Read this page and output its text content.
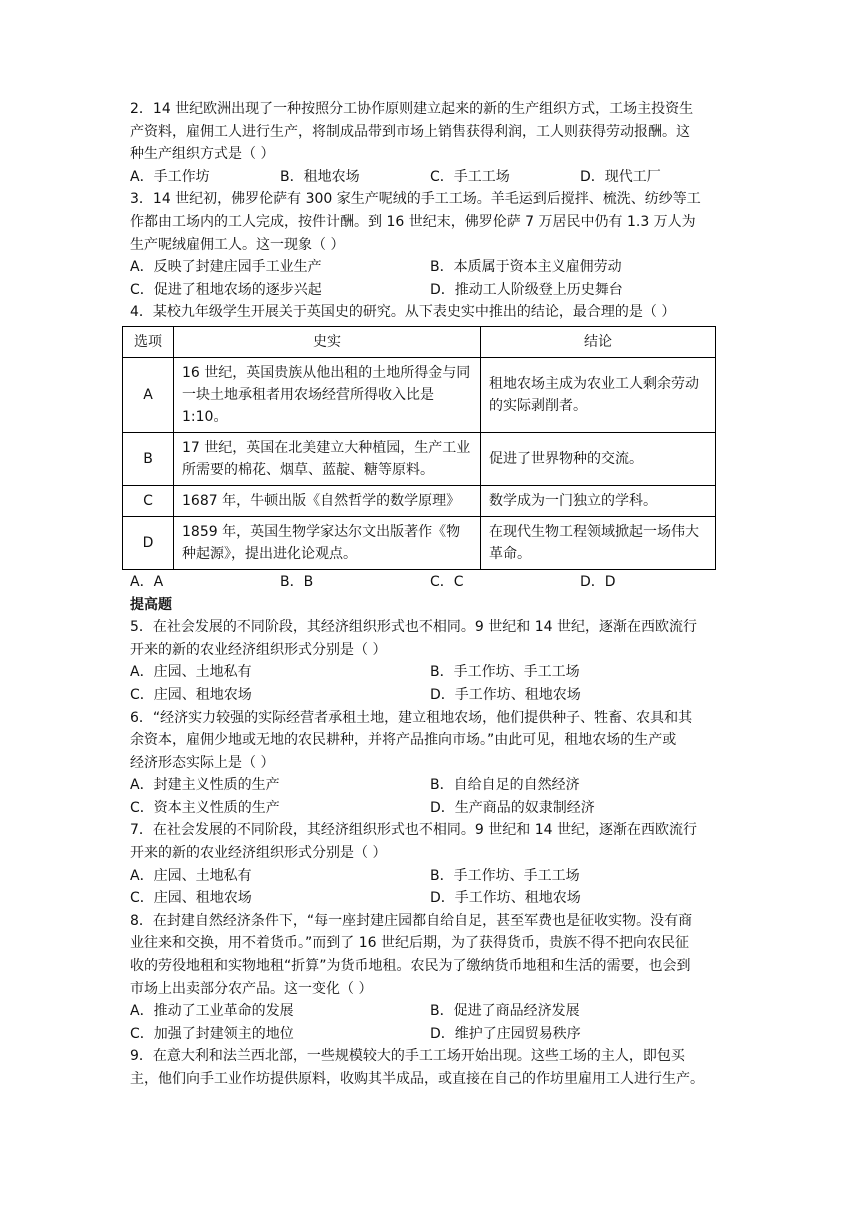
2．14 世纪欧洲出现了一种按照分工协作原则建立起来的新的生产组织方式，工场主投资生
产资料，雇佣工人进行生产，将制成品带到市场上销售获得利润，工人则获得劳动报酬。这
种生产组织方式是（ ）
A．手工作坊	B．租地农场	C．手工工场	D．现代工厂
3．14 世纪初，佛罗伦萨有 300 家生产呢绒的手工工场。羊毛运到后搅拌、梳洗、纺纱等工
作都由工场内的工人完成，按件计酬。到 16 世纪末，佛罗伦萨 7 万居民中仍有 1.3 万人为
生产呢绒雇佣工人。这一现象（ ）
A．反映了封建庄园手工业生产	B．本质属于资本主义雇佣劳动
C．促进了租地农场的逐步兴起	D．推动工人阶级登上历史舞台
4．某校九年级学生开展关于英国史的研究。从下表史实中推出的结论，最合理的是（ ）
选项	史实	结论
A	16 世纪，英国贵族从他出租的土地所得金与同一块土地承租者用农场经营所得收入比是 1:10。	租地农场主成为农业工人剩余劳动的实际剥削者。
B	17 世纪，英国在北美建立大种植园，生产工业所需要的棉花、烟草、蓝靛、糖等原料。	促进了世界物种的交流。
C	1687 年，牛顿出版《自然哲学的数学原理》	数学成为一门独立的学科。
D	1859 年，英国生物学家达尔文出版著作《物种起源》，提出进化论观点。	在现代生物工程领域掀起一场伟大革命。
A．A	B．B	C．C	D．D
提高题
5．在社会发展的不同阶段，其经济组织形式也不相同。9 世纪和 14 世纪，逐渐在西欧流行
开来的新的农业经济组织形式分别是（ ）
A．庄园、土地私有	B．手工作坊、手工工场
C．庄园、租地农场	D．手工作坊、租地农场
6．“经济实力较强的实际经营者承租土地，建立租地农场，他们提供种子、牲畜、农具和其
余资本，雇佣少地或无地的农民耕种，并将产品推向市场。”由此可见，租地农场的生产或
经济形态实际上是（ ）
A．封建主义性质的生产	B．自给自足的自然经济
C．资本主义性质的生产	D．生产商品的奴隶制经济
7．在社会发展的不同阶段，其经济组织形式也不相同。9 世纪和 14 世纪，逐渐在西欧流行
开来的新的农业经济组织形式分别是（ ）
A．庄园、土地私有	B．手工作坊、手工工场
C．庄园、租地农场	D．手工作坊、租地农场
8．在封建自然经济条件下，“每一座封建庄园都自给自足，甚至军费也是征收实物。没有商
业往来和交换，用不着货币。”而到了 16 世纪后期，为了获得货币，贵族不得不把向农民征
收的劳役地租和实物地租“折算”为货币地租。农民为了缴纳货币地租和生活的需要，也会到
市场上出卖部分农产品。这一变化（ ）
A．推动了工业革命的发展	B．促进了商品经济发展
C．加强了封建领主的地位	D．维护了庄园贸易秩序
9．在意大利和法兰西北部，一些规模较大的手工工场开始出现。这些工场的主人，即包买
主，他们向手工业作坊提供原料，收购其半成品，或直接在自己的作坊里雇用工人进行生产。
